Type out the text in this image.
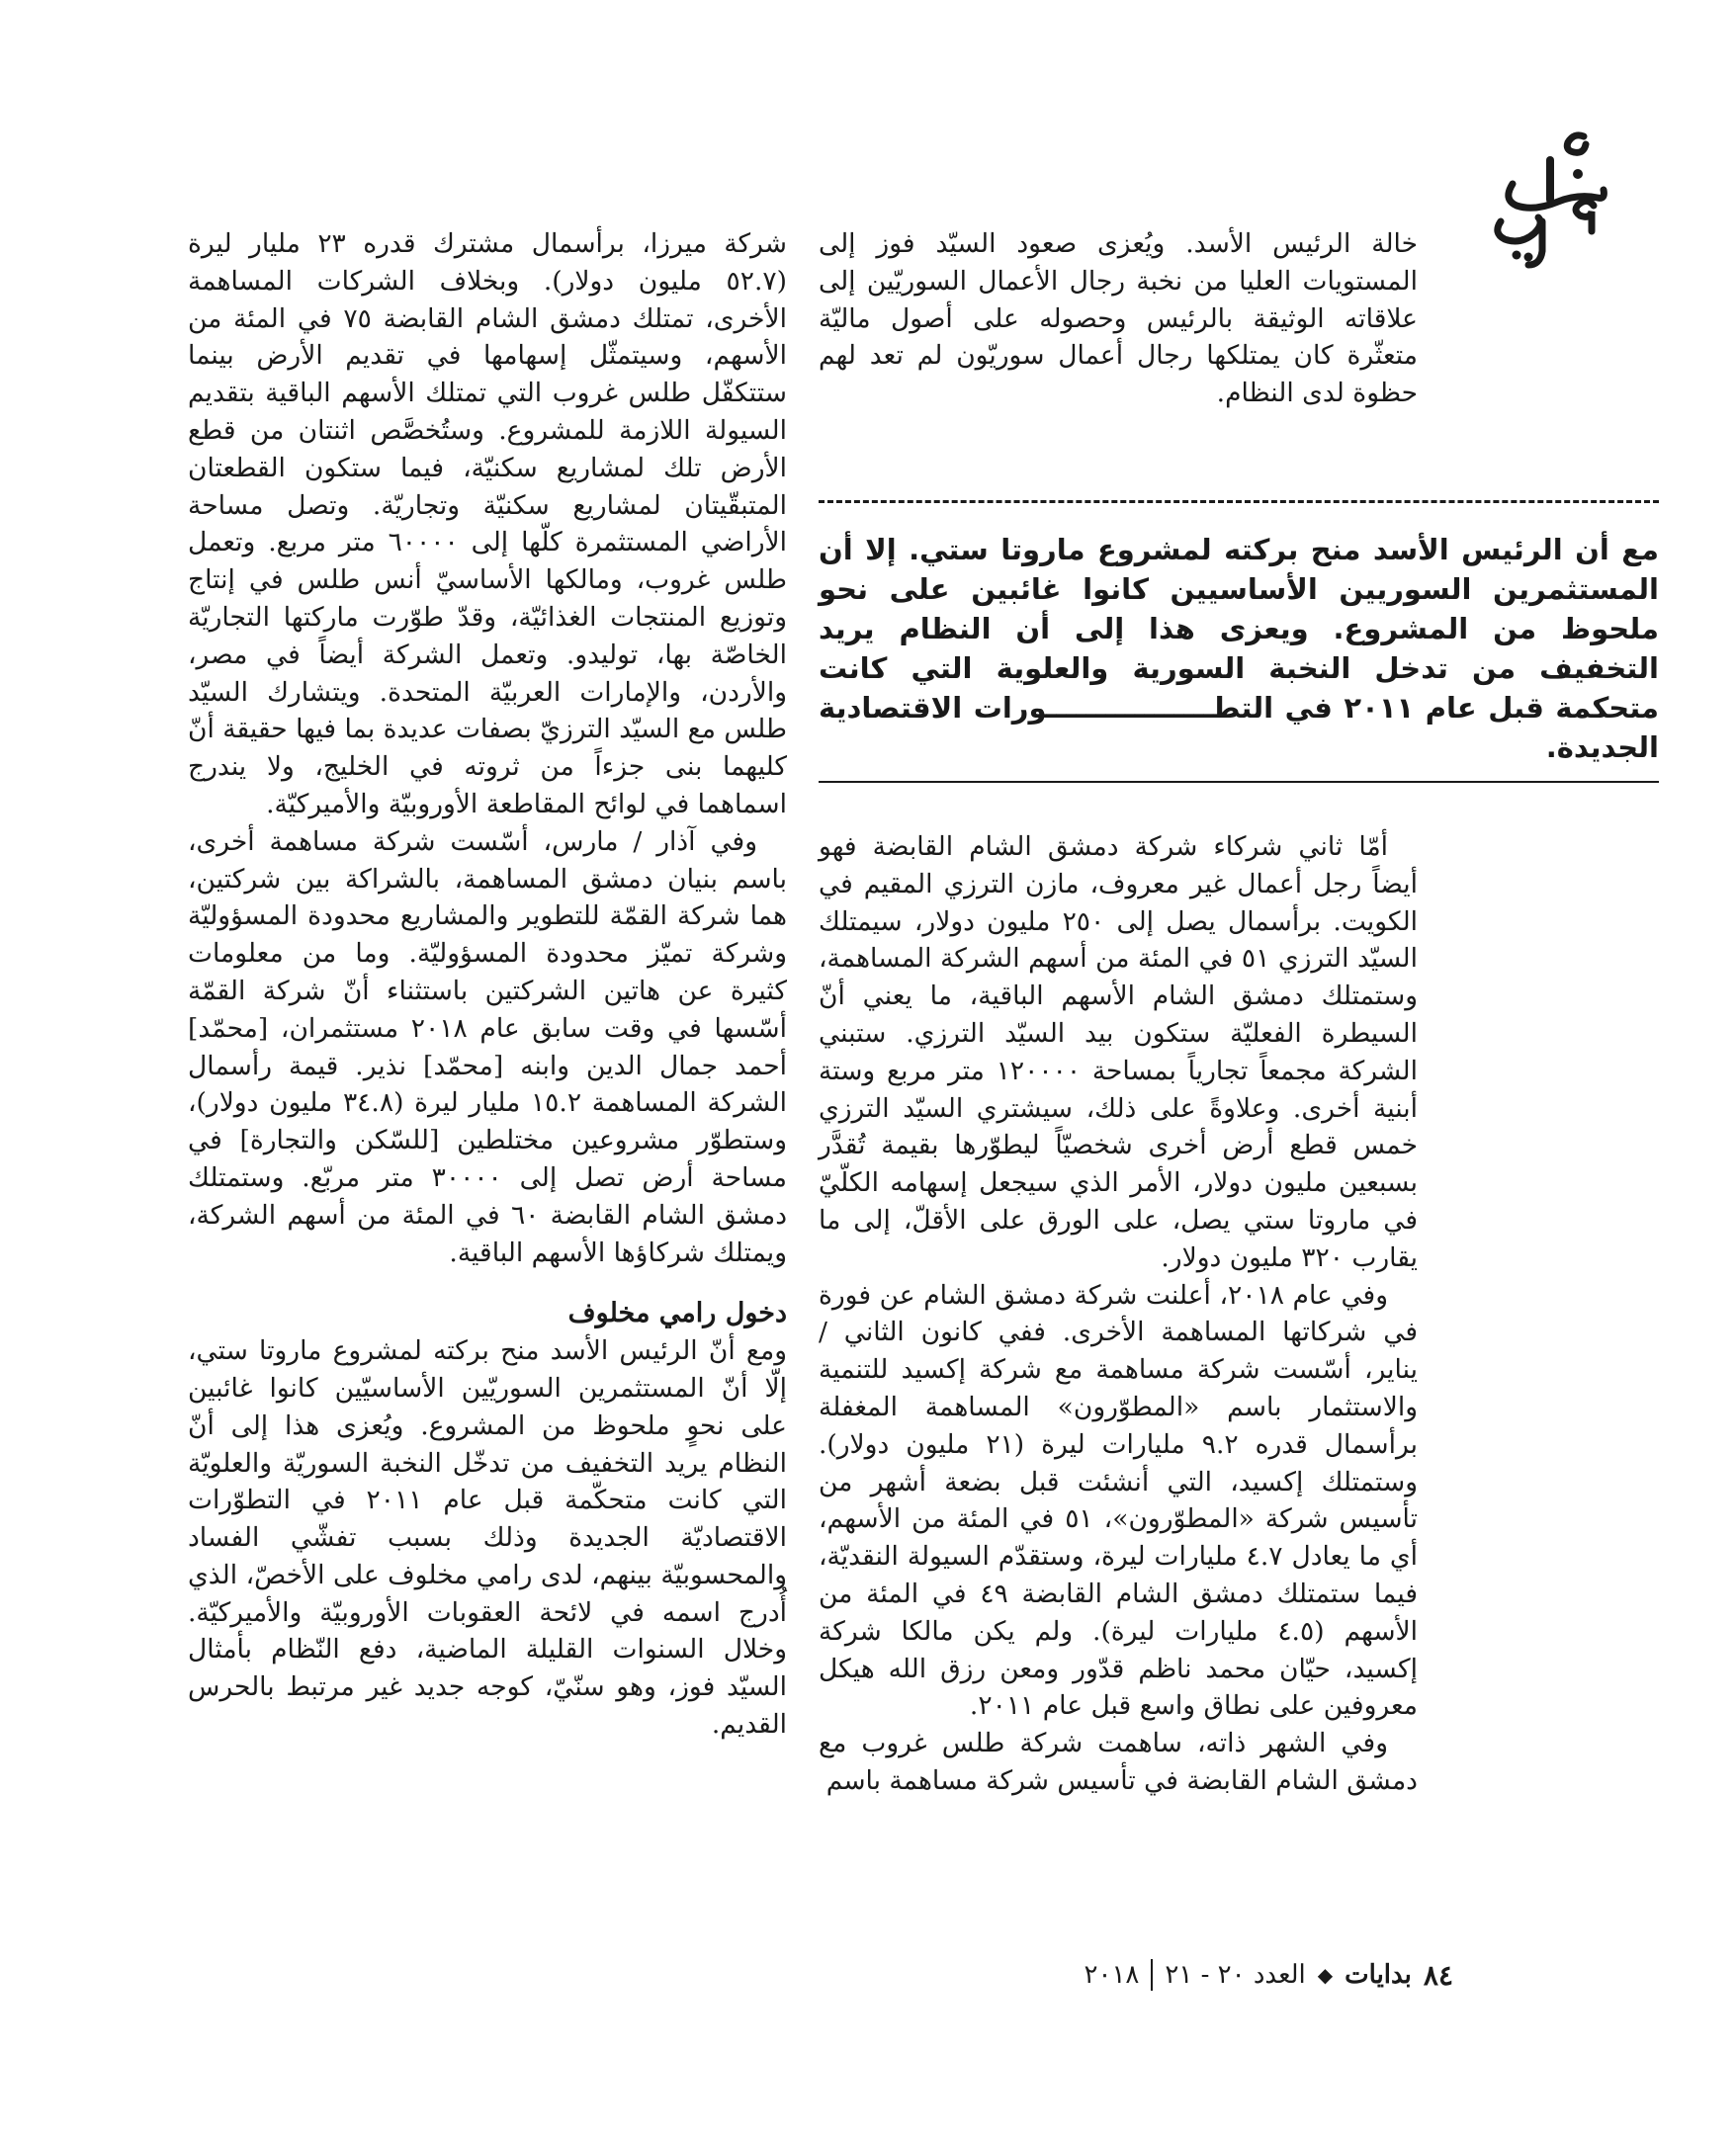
خالة الرئيس الأسد. ويُعزى صعود السيّد فوز إلى المستويات العليا من نخبة رجال الأعمال السوريّين إلى علاقاته الوثيقة بالرئيس وحصوله على أصول ماليّة متعثّرة كان يمتلكها رجال أعمال سوريّون لم تعد لهم حظوة لدى النظام.

مع أن الرئيس الأسد منح بركته لمشروع ماروتا ستي. إلا أن المستثمرين السوريين الأساسيين كانوا غائبين على نحو ملحوظ من المشروع. ويعزى هذا إلى أن النظام يريد التخفيف من تدخل النخبة السورية والعلوية التي كانت متحكمة قبل عام ٢٠١١ في التطـــــــــــــــــورات الاقتصادية الجديدة.

أمّا ثاني شركاء شركة دمشق الشام القابضة فهو أيضاً رجل أعمال غير معروف، مازن الترزي المقيم في الكويت. برأسمال يصل إلى ٢٥٠ مليون دولار، سيمتلك السيّد الترزي ٥١ في المئة من أسهم الشركة المساهمة، وستمتلك دمشق الشام الأسهم الباقية، ما يعني أنّ السيطرة الفعليّة ستكون بيد السيّد الترزي. ستبني الشركة مجمعاً تجارياً بمساحة ١٢٠٠٠٠ متر مربع وستة أبنية أخرى. وعلاوةً على ذلك، سيشتري السيّد الترزي خمس قطع أرض أخرى شخصيّاً ليطوّرها بقيمة تُقدَّر بسبعين مليون دولار، الأمر الذي سيجعل إسهامه الكلّيّ في ماروتا ستي يصل، على الورق على الأقلّ، إلى ما يقارب ٣٢٠ مليون دولار.

وفي عام ٢٠١٨، أعلنت شركة دمشق الشام عن فورة في شركاتها المساهمة الأخرى. ففي كانون الثاني / يناير، أسّست شركة مساهمة مع شركة إكسيد للتنمية والاستثمار باسم «المطوّرون» المساهمة المغفلة برأسمال قدره ٩.٢ مليارات ليرة (٢١ مليون دولار). وستمتلك إكسيد، التي أنشئت قبل بضعة أشهر من تأسيس شركة «المطوّرون»، ٥١ في المئة من الأسهم، أي ما يعادل ٤.٧ مليارات ليرة، وستقدّم السيولة النقديّة، فيما ستمتلك دمشق الشام القابضة ٤٩ في المئة من الأسهم (٤.٥ مليارات ليرة). ولم يكن مالكا شركة إكسيد، حيّان محمد ناظم قدّور ومعن رزق الله هيكل معروفين على نطاق واسع قبل عام ٢٠١١.

وفي الشهر ذاته، ساهمت شركة طلس غروب مع دمشق الشام القابضة في تأسيس شركة مساهمة باسم

شركة ميرزا، برأسمال مشترك قدره ٢٣ مليار ليرة (٥٢.٧ مليون دولار). وبخلاف الشركات المساهمة الأخرى، تمتلك دمشق الشام القابضة ٧٥ في المئة من الأسهم، وسيتمثّل إسهامها في تقديم الأرض بينما ستتكفّل طلس غروب التي تمتلك الأسهم الباقية بتقديم السيولة اللازمة للمشروع. وستُخصَّص اثنتان من قطع الأرض تلك لمشاريع سكنيّة، فيما ستكون القطعتان المتبقّيتان لمشاريع سكنيّة وتجاريّة. وتصل مساحة الأراضي المستثمرة كلّها إلى ٦٠٠٠٠ متر مربع. وتعمل طلس غروب، ومالكها الأساسيّ أنس طلس في إنتاج وتوزيع المنتجات الغذائيّة، وقدّ طوّرت ماركتها التجاريّة الخاصّة بها، توليدو. وتعمل الشركة أيضاً في مصر، والأردن، والإمارات العربيّة المتحدة. ويتشارك السيّد طلس مع السيّد الترزيّ بصفات عديدة بما فيها حقيقة أنّ كليهما بنى جزءاً من ثروته في الخليج، ولا يندرج اسماهما في لوائح المقاطعة الأوروبيّة والأميركيّة.

وفي آذار / مارس، أسّست شركة مساهمة أخرى، باسم بنيان دمشق المساهمة، بالشراكة بين شركتين، هما شركة القمّة للتطوير والمشاريع محدودة المسؤوليّة وشركة تميّز محدودة المسؤوليّة. وما من معلومات كثيرة عن هاتين الشركتين باستثناء أنّ شركة القمّة أسّسها في وقت سابق عام ٢٠١٨ مستثمران، [محمّد] أحمد جمال الدين وابنه [محمّد] نذير. قيمة رأسمال الشركة المساهمة ١٥.٢ مليار ليرة (٣٤.٨ مليون دولار)، وستطوّر مشروعين مختلطين [للسّكن والتجارة] في مساحة أرض تصل إلى ٣٠٠٠٠ متر مربّع. وستمتلك دمشق الشام القابضة ٦٠ في المئة من أسهم الشركة، ويمتلك شركاؤها الأسهم الباقية.

دخول رامي مخلوف

ومع أنّ الرئيس الأسد منح بركته لمشروع ماروتا ستي، إلّا أنّ المستثمرين السوريّين الأساسيّين كانوا غائبين على نحوٍ ملحوظ من المشروع. ويُعزى هذا إلى أنّ النظام يريد التخفيف من تدخّل النخبة السوريّة والعلويّة التي كانت متحكّمة قبل عام ٢٠١١ في التطوّرات الاقتصاديّة الجديدة وذلك بسبب تفشّي الفساد والمحسوبيّة بينهم، لدى رامي مخلوف على الأخصّ، الذي أُدرج اسمه في لائحة العقوبات الأوروبيّة والأميركيّة. وخلال السنوات القليلة الماضية، دفع النّظام بأمثال السيّد فوز، وهو سنّيّ، كوجه جديد غير مرتبط بالحرس القديم.

٨٤
بدايات
◆
العدد ٢٠ - ٢١
٢٠١٨
